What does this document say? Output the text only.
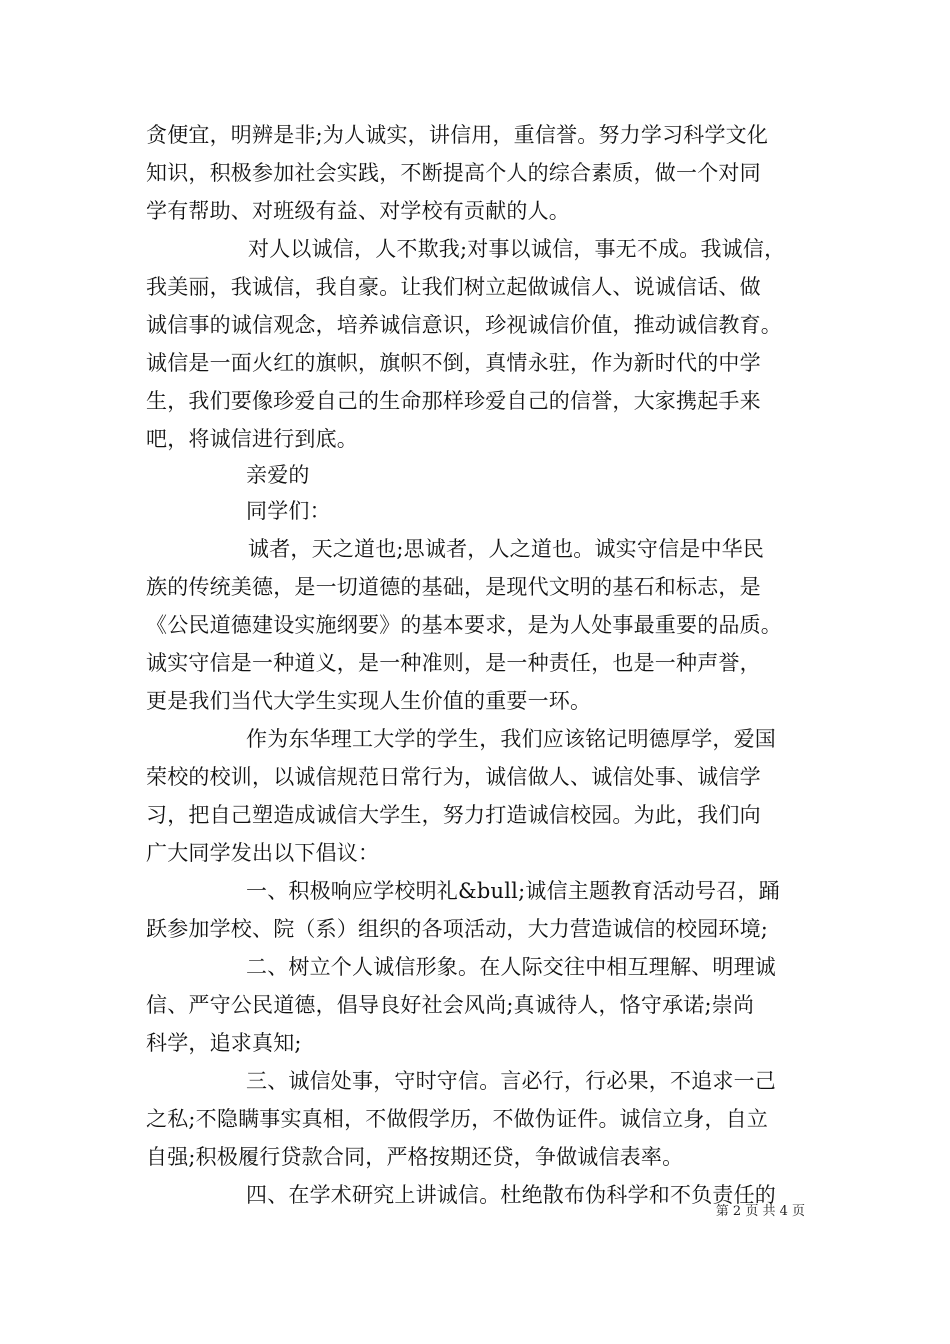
贪便宜，明辨是非;为人诚实，讲信用，重信誉。努力学习科学文化
知识，积极参加社会实践，不断提高个人的综合素质，做一个对同
学有帮助、对班级有益、对学校有贡献的人。
对人以诚信，人不欺我;对事以诚信，事无不成。我诚信，
我美丽，我诚信，我自豪。让我们树立起做诚信人、说诚信话、做
诚信事的诚信观念，培养诚信意识，珍视诚信价值，推动诚信教育。
诚信是一面火红的旗帜，旗帜不倒，真情永驻，作为新时代的中学
生，我们要像珍爱自己的生命那样珍爱自己的信誉，大家携起手来
吧，将诚信进行到底。
亲爱的
同学们：
诚者，天之道也;思诚者，人之道也。诚实守信是中华民
族的传统美德，是一切道德的基础，是现代文明的基石和标志，是
《公民道德建设实施纲要》的基本要求，是为人处事最重要的品质。
诚实守信是一种道义，是一种准则，是一种责任，也是一种声誉，
更是我们当代大学生实现人生价值的重要一环。
作为东华理工大学的学生，我们应该铭记明德厚学，爱国
荣校的校训，以诚信规范日常行为，诚信做人、诚信处事、诚信学
习，把自己塑造成诚信大学生，努力打造诚信校园。为此，我们向
广大同学发出以下倡议：
一、积极响应学校明礼&bull;诚信主题教育活动号召，踊
跃参加学校、院（系）组织的各项活动，大力营造诚信的校园环境;
二、树立个人诚信形象。在人际交往中相互理解、明理诚
信、严守公民道德，倡导良好社会风尚;真诚待人，恪守承诺;崇尚
科学，追求真知;
三、诚信处事，守时守信。言必行，行必果，不追求一己
之私;不隐瞒事实真相，不做假学历，不做伪证件。诚信立身，自立
自强;积极履行贷款合同，严格按期还贷，争做诚信表率。
四、在学术研究上讲诚信。杜绝散布伪科学和不负责任的
第 2 页 共 4 页
